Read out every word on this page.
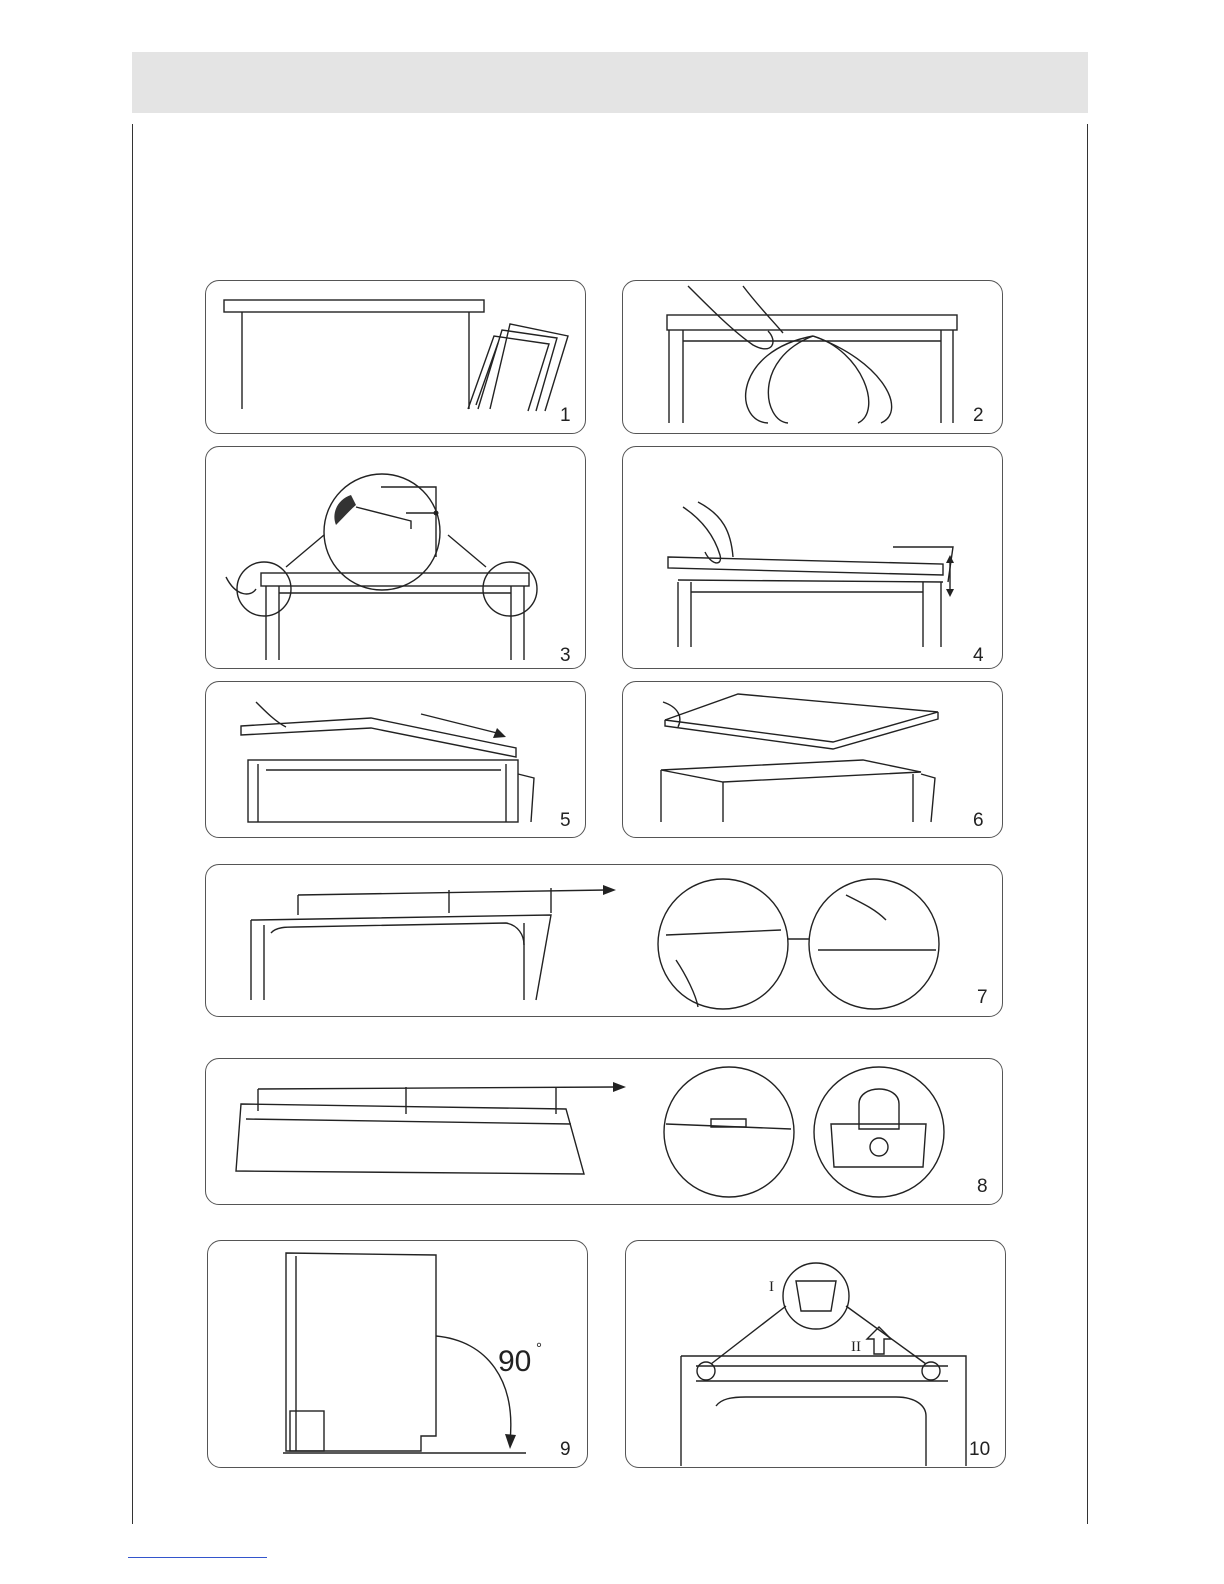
1	2
3	4
5	6
7
8
90 °
9
I
II
10
